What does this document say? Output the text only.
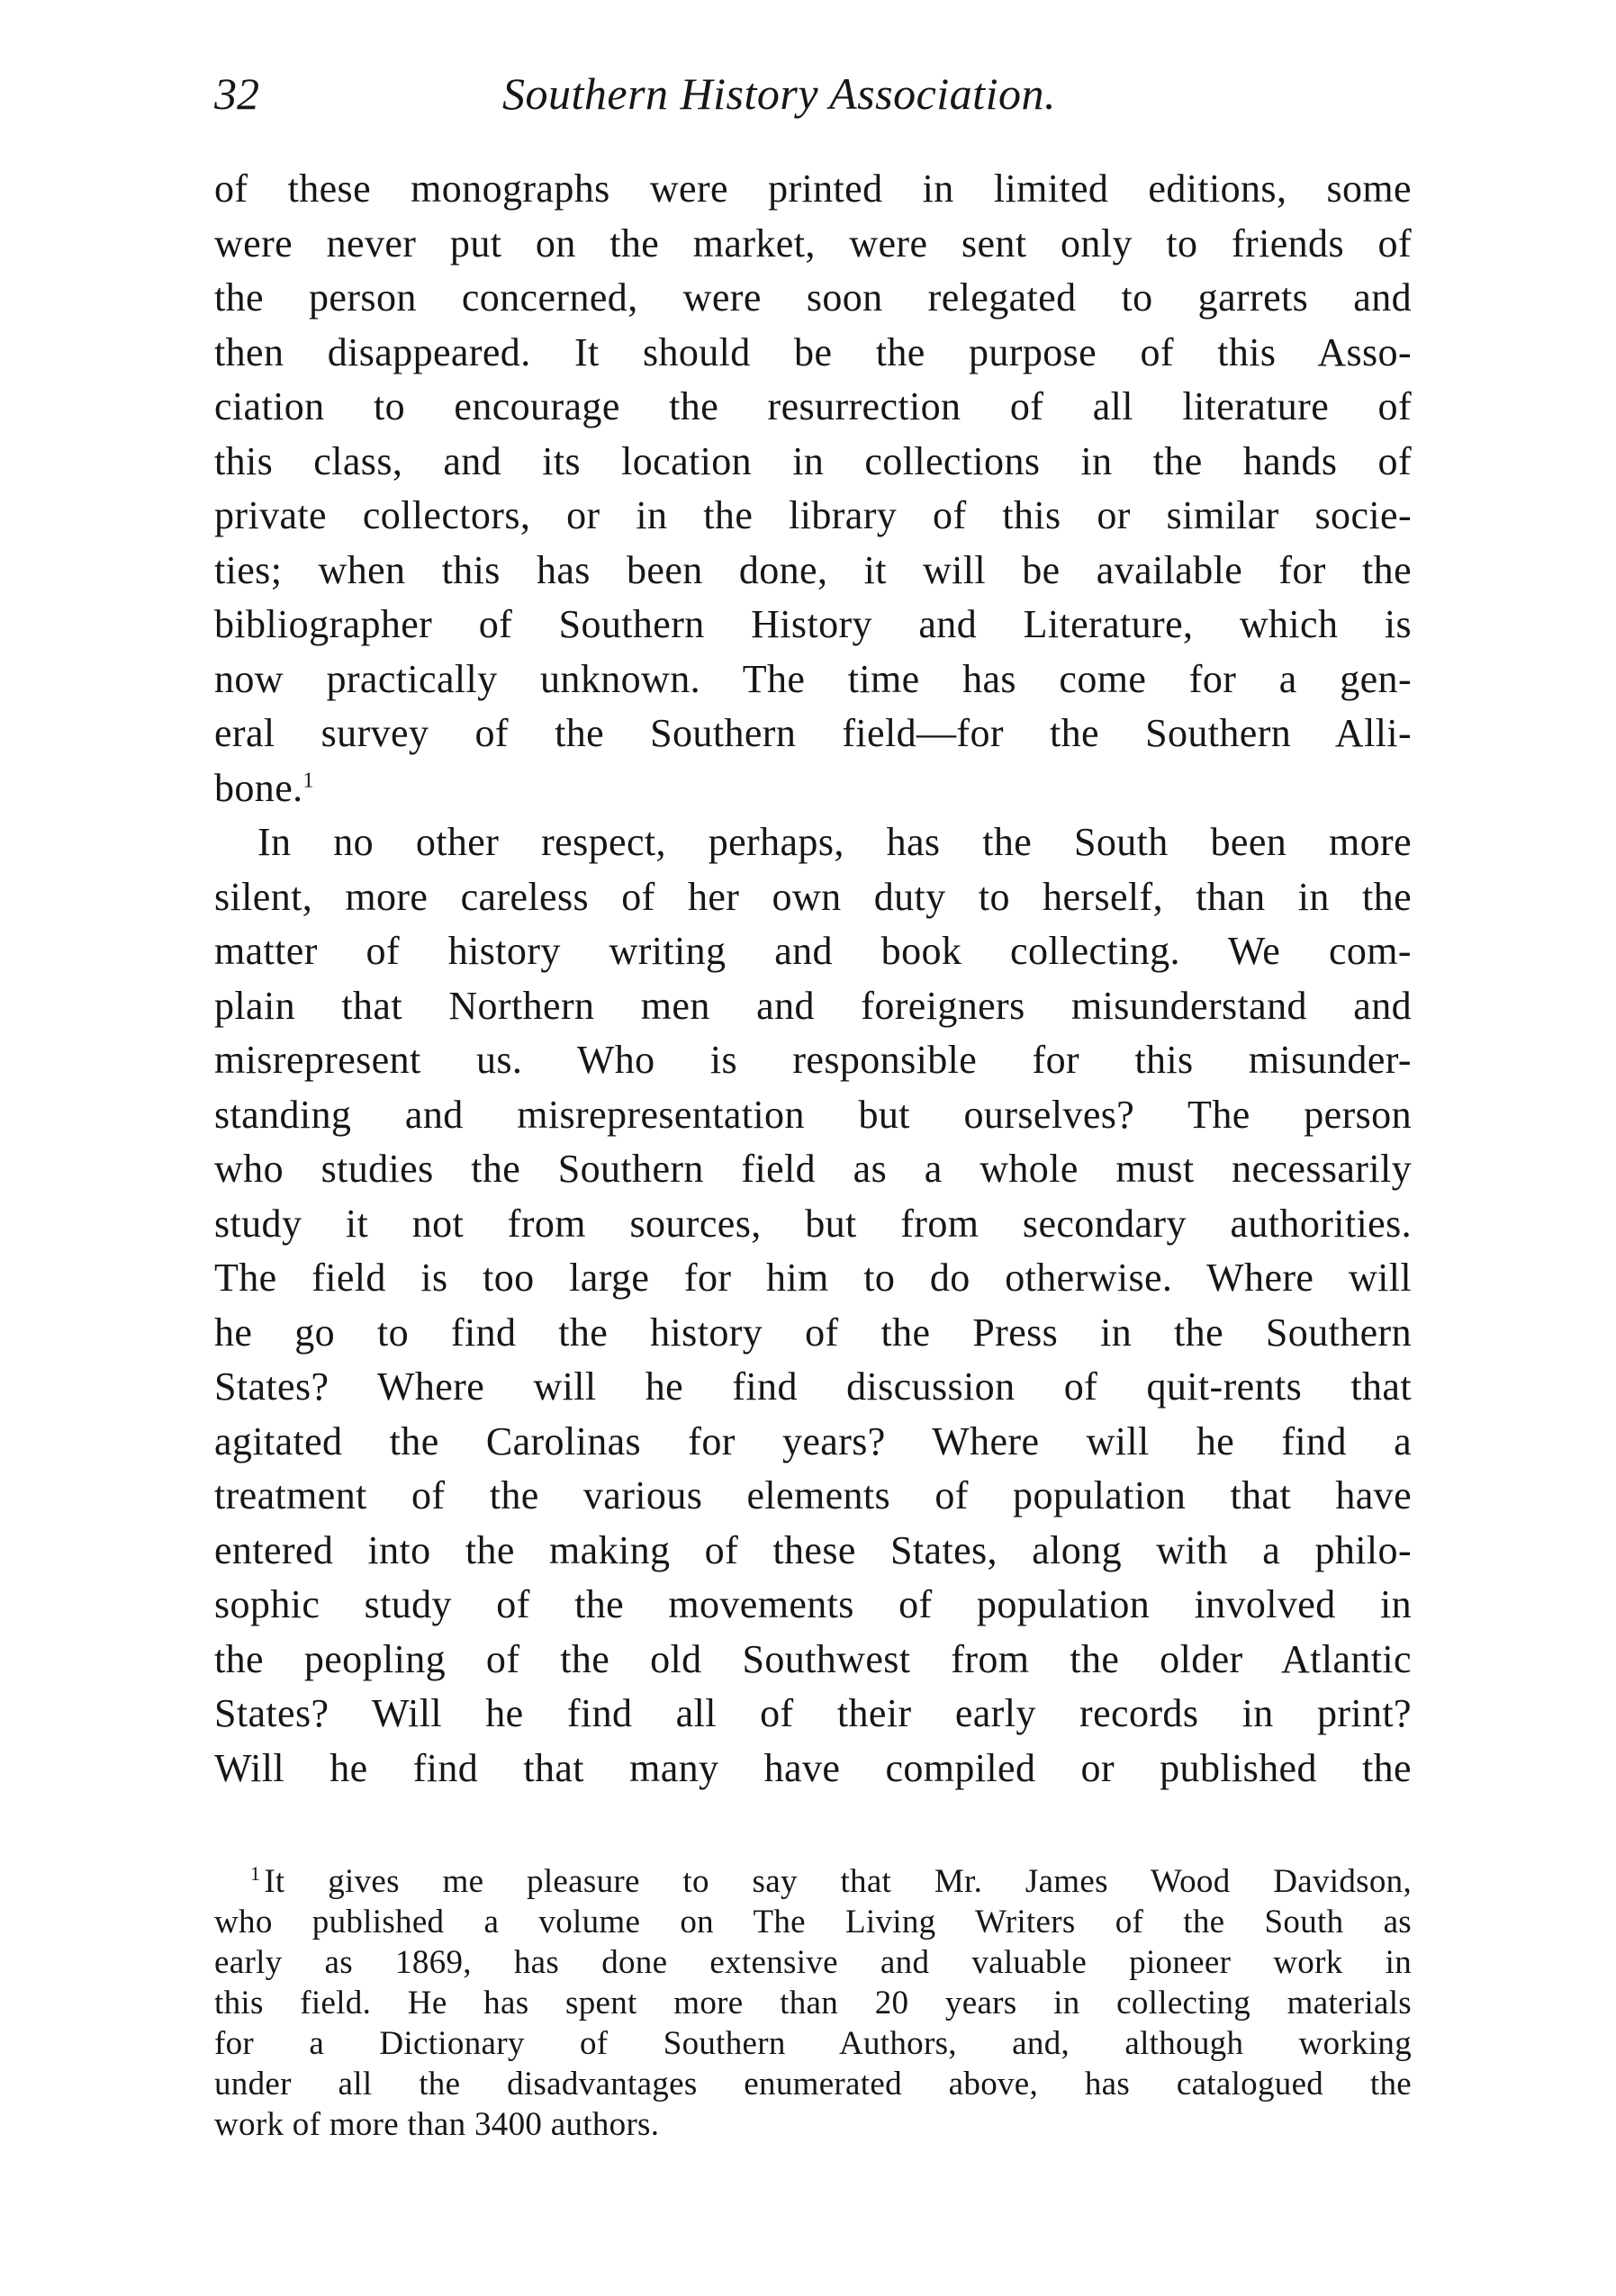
32	Southern History Association.
of these monographs were printed in limited editions, some
were never put on the market, were sent only to friends of
the person concerned, were soon relegated to garrets and
then disappeared. It should be the purpose of this Asso-
ciation to encourage the resurrection of all literature of
this class, and its location in collections in the hands of
private collectors, or in the library of this or similar socie-
ties; when this has been done, it will be available for the
bibliographer of Southern History and Literature, which is
now practically unknown. The time has come for a gen-
eral survey of the Southern field—for the Southern Alli-
bone.$^1$
In no other respect, perhaps, has the South been more
silent, more careless of her own duty to herself, than in the
matter of history writing and book collecting. We com-
plain that Northern men and foreigners misunderstand and
misrepresent us. Who is responsible for this misunder-
standing and misrepresentation but ourselves? The person
who studies the Southern field as a whole must necessarily
study it not from sources, but from secondary authorities.
The field is too large for him to do otherwise. Where will
he go to find the history of the Press in the Southern
States? Where will he find discussion of quit-rents that
agitated the Carolinas for years? Where will he find a
treatment of the various elements of population that have
entered into the making of these States, along with a philo-
sophic study of the movements of population involved in
the peopling of the old Southwest from the older Atlantic
States? Will he find all of their early records in print?
Will he find that many have compiled or published the
$^1$ It gives me pleasure to say that Mr. James Wood Davidson,
who published a volume on The Living Writers of the South as
early as 1869, has done extensive and valuable pioneer work in
this field. He has spent more than 20 years in collecting materials
for a Dictionary of Southern Authors, and, although working
under all the disadvantages enumerated above, has catalogued the
work of more than 3400 authors.
